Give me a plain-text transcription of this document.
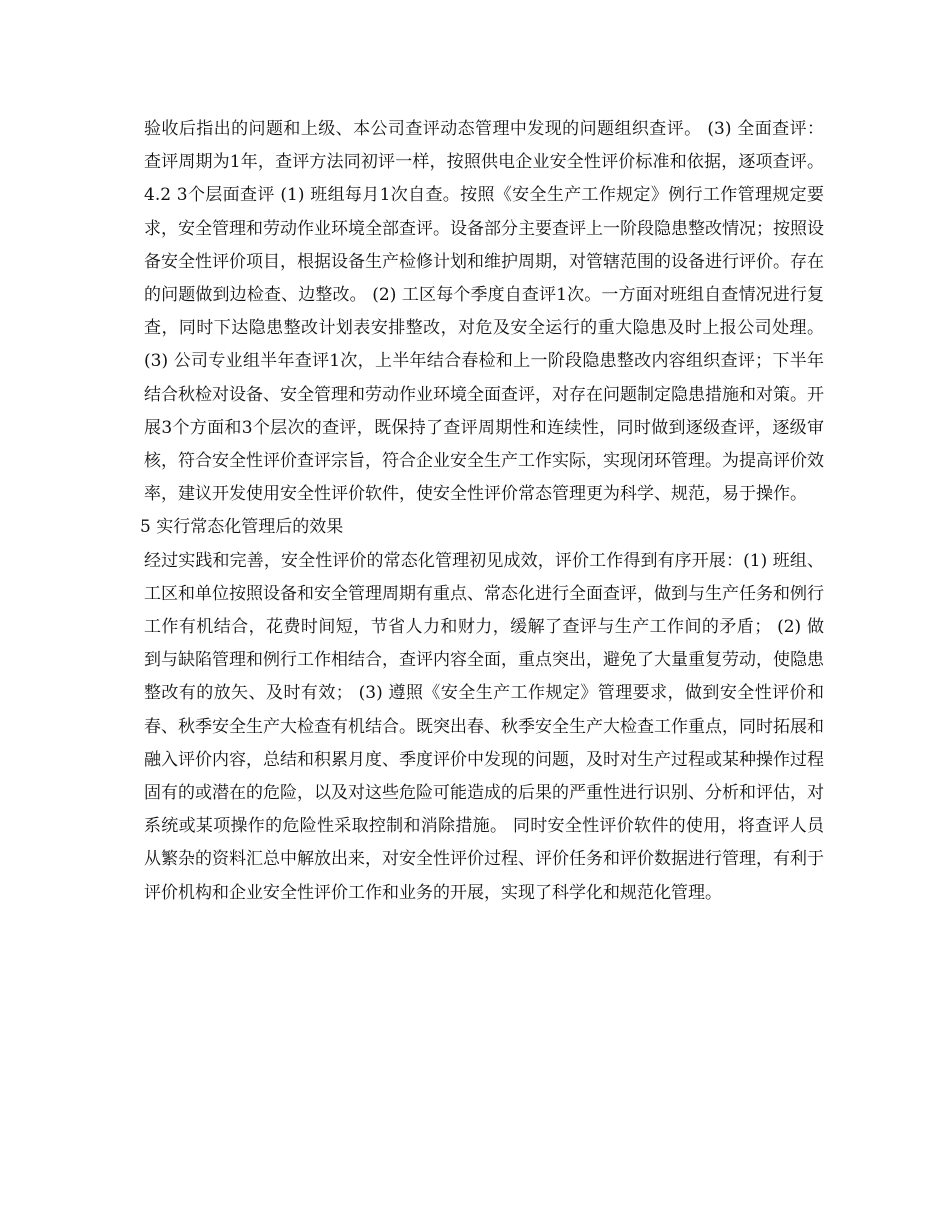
验收后指出的问题和上级、本公司查评动态管理中发现的问题组织查评。 (3) 全面查评：查评周期为1年，查评方法同初评一样，按照供电企业安全性评价标准和依据，逐项查评。4.2 3个层面查评 (1) 班组每月1次自查。按照《安全生产工作规定》例行工作管理规定要求，安全管理和劳动作业环境全部查评。设备部分主要查评上一阶段隐患整改情况；按照设备安全性评价项目，根据设备生产检修计划和维护周期，对管辖范围的设备进行评价。存在的问题做到边检查、边整改。 (2) 工区每个季度自查评1次。一方面对班组自查情况进行复查，同时下达隐患整改计划表安排整改，对危及安全运行的重大隐患及时上报公司处理。 (3) 公司专业组半年查评1次，上半年结合春检和上一阶段隐患整改内容组织查评；下半年结合秋检对设备、安全管理和劳动作业环境全面查评，对存在问题制定隐患措施和对策。开展3个方面和3个层次的查评，既保持了查评周期性和连续性，同时做到逐级查评，逐级审核，符合安全性评价查评宗旨，符合企业安全生产工作实际，实现闭环管理。为提高评价效率，建议开发使用安全性评价软件，使安全性评价常态管理更为科学、规范，易于操作。

5 实行常态化管理后的效果

经过实践和完善，安全性评价的常态化管理初见成效，评价工作得到有序开展：(1) 班组、工区和单位按照设备和安全管理周期有重点、常态化进行全面查评，做到与生产任务和例行工作有机结合，花费时间短，节省人力和财力，缓解了查评与生产工作间的矛盾； (2) 做到与缺陷管理和例行工作相结合，查评内容全面，重点突出，避免了大量重复劳动，使隐患整改有的放矢、及时有效； (3) 遵照《安全生产工作规定》管理要求，做到安全性评价和春、秋季安全生产大检查有机结合。既突出春、秋季安全生产大检查工作重点，同时拓展和融入评价内容，总结和积累月度、季度评价中发现的问题，及时对生产过程或某种操作过程固有的或潜在的危险，以及对这些危险可能造成的后果的严重性进行识别、分析和评估，对系统或某项操作的危险性采取控制和消除措施。 同时安全性评价软件的使用，将查评人员从繁杂的资料汇总中解放出来，对安全性评价过程、评价任务和评价数据进行管理，有利于评价机构和企业安全性评价工作和业务的开展，实现了科学化和规范化管理。
